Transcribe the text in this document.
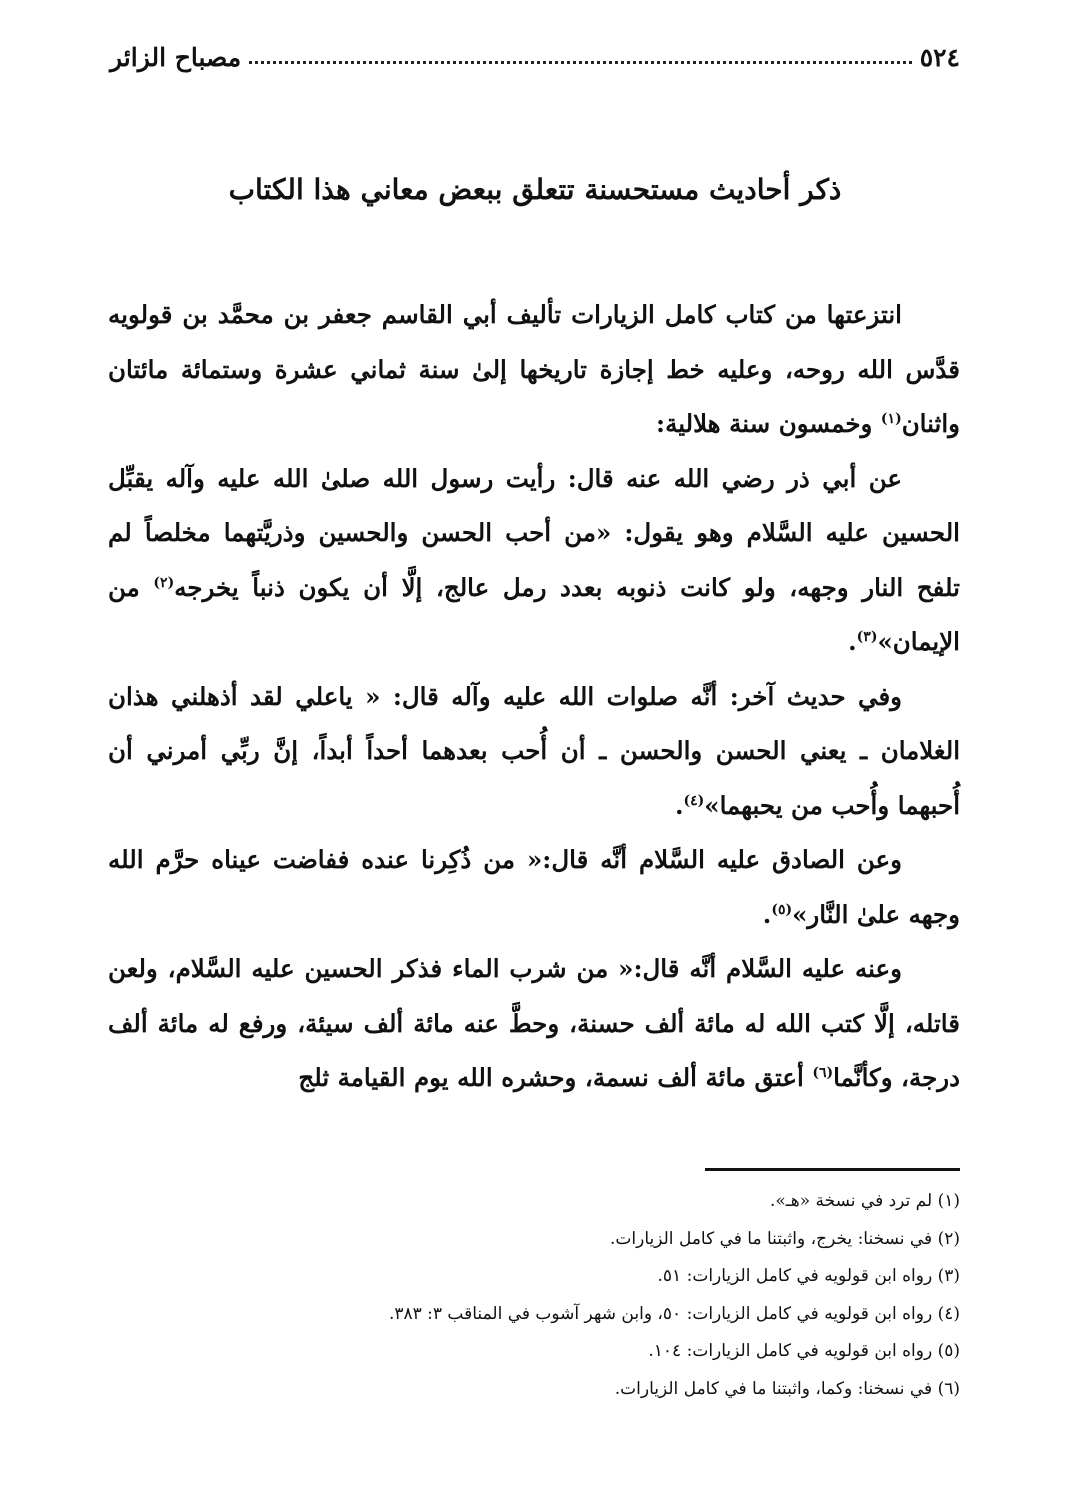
٥٢٤
مصباح الزائر
ذكر أحاديث مستحسنة تتعلق ببعض معاني هذا الكتاب

انتزعتها من كتاب كامل الزيارات تأليف أبي القاسم جعفر بن محمَّد بن قولويه قدَّس الله روحه، وعليه خط إجازة تاريخها إلىٰ سنة ثماني عشرة وستمائة مائتان واثنان$^{(١)}$ وخمسون سنة هلالية:

عن أبي ذر رضي الله عنه قال: رأيت رسول الله صلىٰ الله عليه وآله يقبِّل الحسين عليه السَّلام وهو يقول: «من أحب الحسن والحسين وذريَّتهما مخلصاً لم تلفح النار وجهه، ولو كانت ذنوبه بعدد رمل عالج، إلَّا أن يكون ذنباً يخرجه$^{(٢)}$ من الإيمان»$^{(٣)}$.

وفي حديث آخر: أنَّه صلوات الله عليه وآله قال: « ياعلي لقد أذهلني هذان الغلامان ـ يعني الحسن والحسن ـ أن أُحب بعدهما أحداً أبداً، إنَّ ربِّي أمرني أن أُحبهما وأُحب من يحبهما»$^{(٤)}$.

وعن الصادق عليه السَّلام أنَّه قال:« من ذُكِرنا عنده ففاضت عيناه حرَّم الله وجهه علىٰ النَّار»$^{(٥)}$.

وعنه عليه السَّلام أنَّه قال:« من شرب الماء فذكر الحسين عليه السَّلام، ولعن قاتله، إلَّا كتب الله له مائة ألف حسنة، وحطَّ عنه مائة ألف سيئة، ورفع له مائة ألف درجة، وكأنَّما$^{(٦)}$ أعتق مائة ألف نسمة، وحشره الله يوم القيامة ثلج

(١) لم ترد في نسخة «هـ».
(٢) في نسخنا: يخرج، واثبتنا ما في كامل الزيارات.
(٣) رواه ابن قولويه في كامل الزيارات: ٥١.
(٤) رواه ابن قولويه في كامل الزيارات: ٥٠، وابن شهر آشوب في المناقب ٣: ٣٨٣.
(٥) رواه ابن قولويه في كامل الزيارات: ١٠٤.
(٦) في نسخنا: وكما، واثبتنا ما في كامل الزيارات.
